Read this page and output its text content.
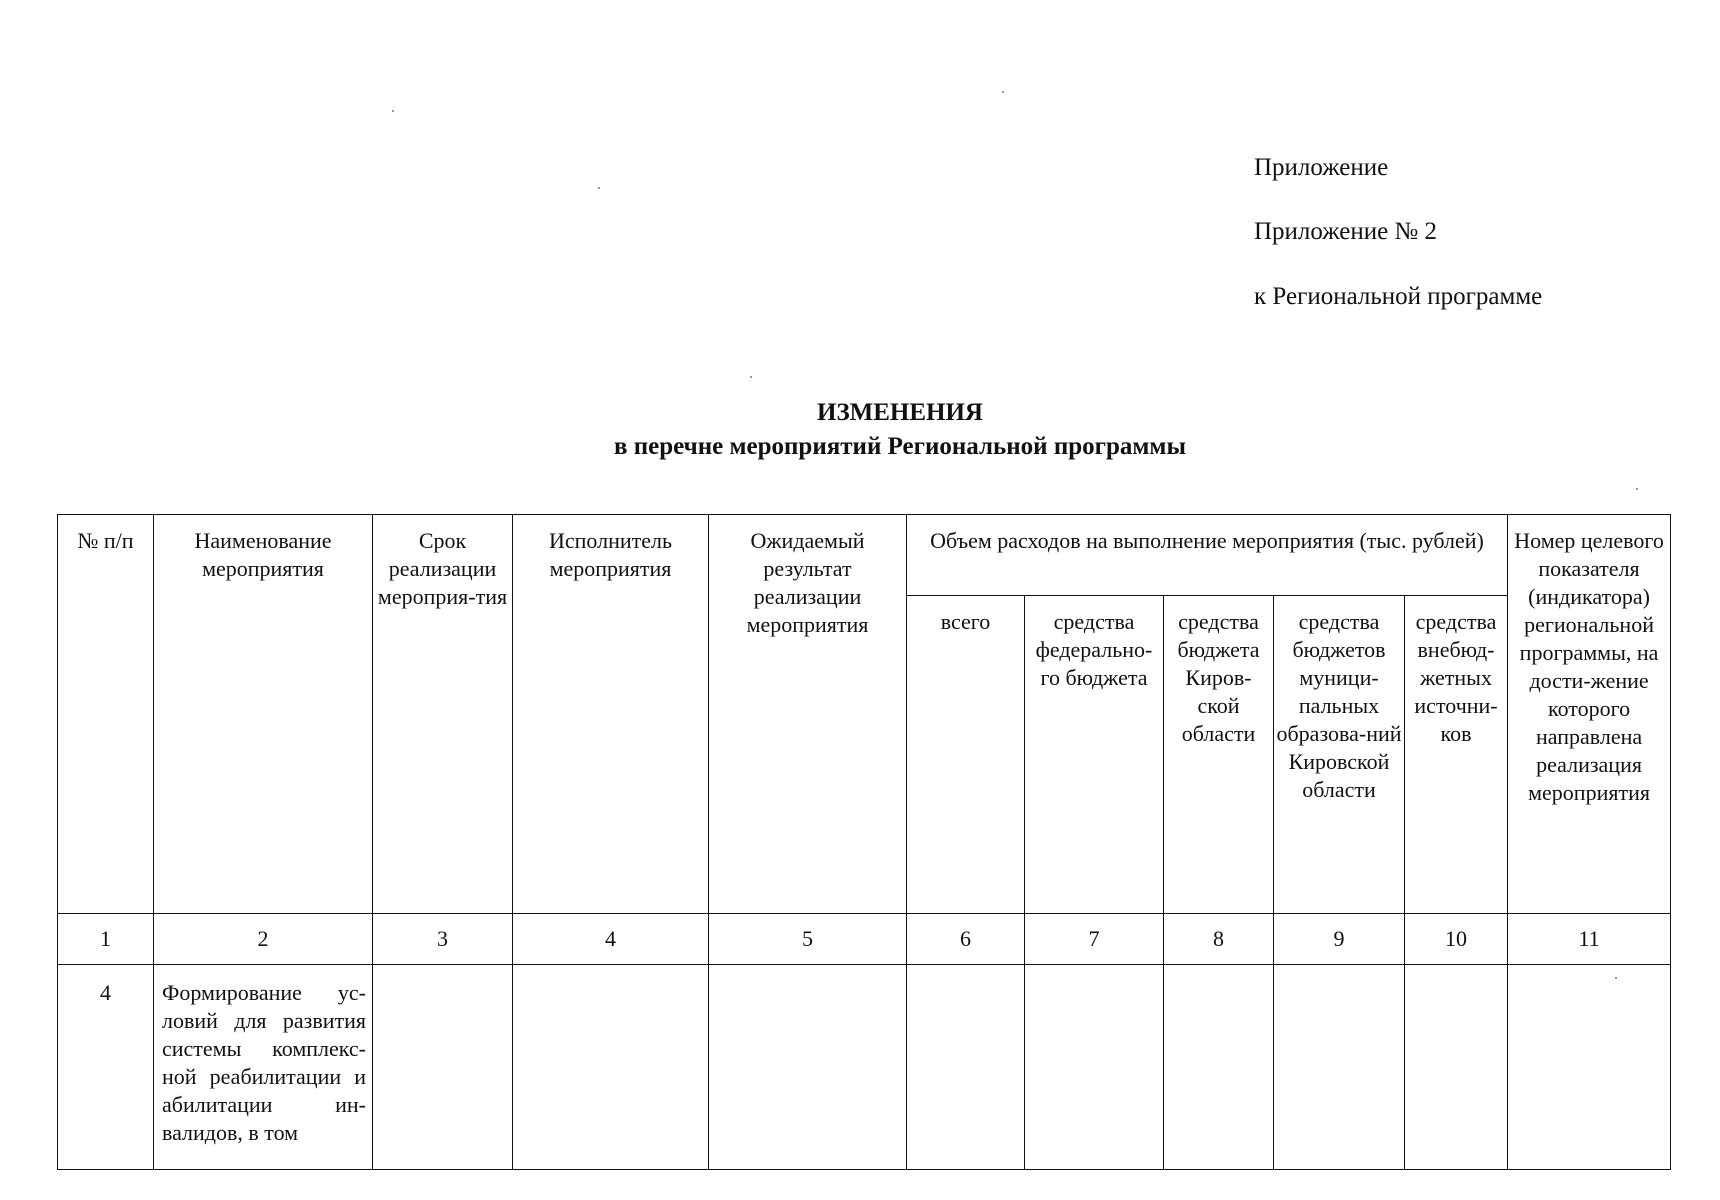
Приложение
Приложение № 2
к Региональной программе
ИЗМЕНЕНИЯ
в перечне мероприятий Региональной программы
№ п/п	Наименование мероприятия	Срок реализации мероприя-тия	Исполнитель мероприятия	Ожидаемый результат реализации мероприятия	Объем расходов на выполнение мероприятия (тыс. рублей)					Номер целевого показателя (индикатора) региональной программы, на дости-жение которого направлена реализация мероприятия
					всего	средства федерально-го бюджета	средства бюджета Киров-ской области	средства бюджетов муници-пальных образова-ний Кировской области	средства внебюд-жетных источни-ков	
1	2	3	4	5	6	7	8	9	10	11
4	Формирование ус-ловий для развития системы комплекс-ной реабилитации и абилитации ин-валидов, в том									
